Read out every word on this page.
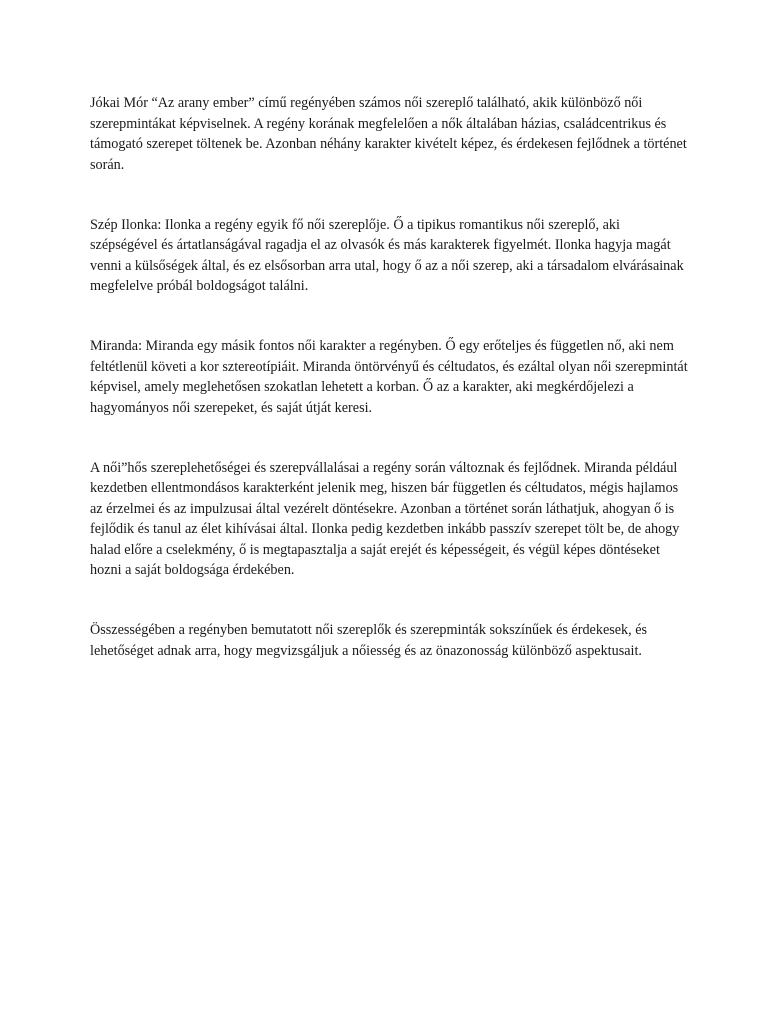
Jókai Mór “Az arany ember” című regényében számos női szereplő található, akik különböző női szerepmintákat képviselnek. A regény korának megfelelően a nők általában házias, családcentrikus és támogató szerepet töltenek be. Azonban néhány karakter kivételt képez, és érdekesen fejlődnek a történet során.

Szép Ilonka: Ilonka a regény egyik fő női szereplője. Ő a tipikus romantikus női szereplő, aki szépségével és ártatlanságával ragadja el az olvasók és más karakterek figyelmét. Ilonka hagyja magát venni a külsőségek által, és ez elsősorban arra utal, hogy ő az a női szerep, aki a társadalom elvárásainak megfelelve próbál boldogságot találni.

Miranda: Miranda egy másik fontos női karakter a regényben. Ő egy erőteljes és független nő, aki nem feltétlenül követi a kor sztereotípiáit. Miranda öntörvényű és céltudatos, és ezáltal olyan női szerepmintát képvisel, amely meglehetősen szokatlan lehetett a korban. Ő az a karakter, aki megkérdőjelezi a hagyományos női szerepeket, és saját útját keresi.

A női”hős szereplehetőségei és szerepvállalásai a regény során változnak és fejlődnek. Miranda például kezdetben ellentmondásos karakterként jelenik meg, hiszen bár független és céltudatos, mégis hajlamos az érzelmei és az impulzusai által vezérelt döntésekre. Azonban a történet során láthatjuk, ahogyan ő is fejlődik és tanul az élet kihívásai által. Ilonka pedig kezdetben inkább passzív szerepet tölt be, de ahogy halad előre a cselekmény, ő is megtapasztalja a saját erejét és képességeit, és végül képes döntéseket hozni a saját boldogsága érdekében.

Összességében a regényben bemutatott női szereplők és szerepminták sokszínűek és érdekesek, és lehetőséget adnak arra, hogy megvizsgáljuk a nőiesség és az önazonosság különböző aspektusait.
